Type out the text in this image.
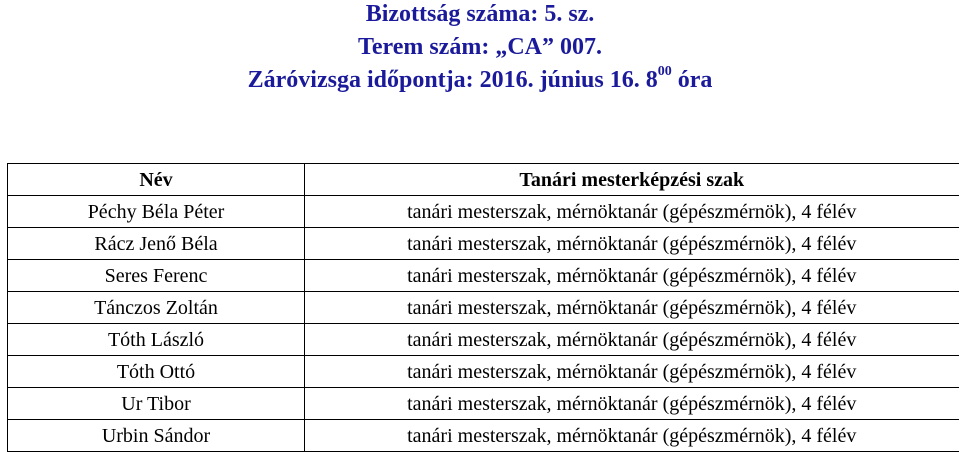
Bizottság száma: 5. sz.
Terem szám: „CA” 007.
Záróvizsga időpontja: 2016. június 16. $8^{00}$ óra
Név	Tanári mesterképzési szak
Péchy Béla Péter	tanári mesterszak, mérnöktanár (gépészmérnök), 4 félév
Rácz Jenő Béla	tanári mesterszak, mérnöktanár (gépészmérnök), 4 félév
Seres Ferenc	tanári mesterszak, mérnöktanár (gépészmérnök), 4 félév
Tánczos Zoltán	tanári mesterszak, mérnöktanár (gépészmérnök), 4 félév
Tóth László	tanári mesterszak, mérnöktanár (gépészmérnök), 4 félév
Tóth Ottó	tanári mesterszak, mérnöktanár (gépészmérnök), 4 félév
Ur Tibor	tanári mesterszak, mérnöktanár (gépészmérnök), 4 félév
Urbin Sándor	tanári mesterszak, mérnöktanár (gépészmérnök), 4 félév
